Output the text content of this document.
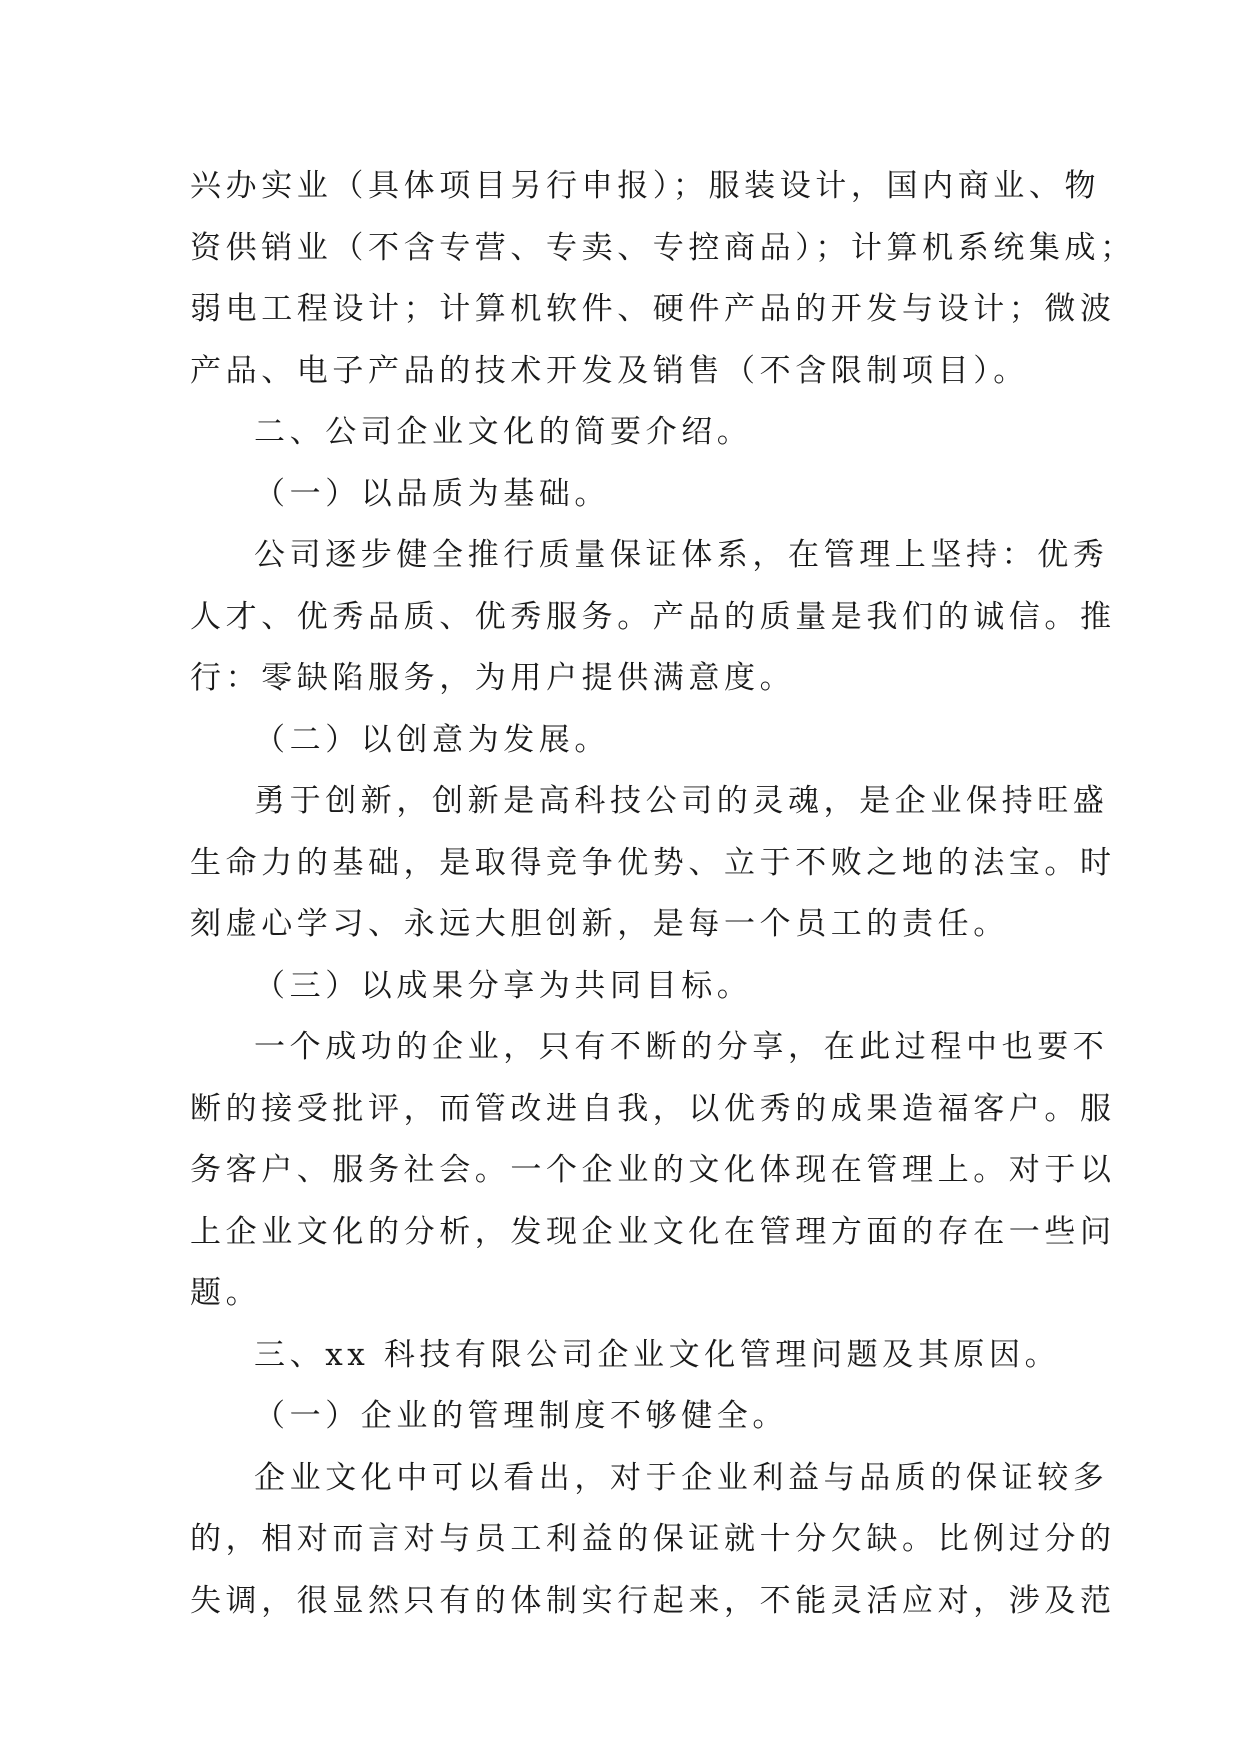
兴办实业（具体项目另行申报）；服装设计，国内商业、物
资供销业（不含专营、专卖、专控商品）；计算机系统集成；
弱电工程设计；计算机软件、硬件产品的开发与设计；微波
产品、电子产品的技术开发及销售（不含限制项目）。
二、公司企业文化的简要介绍。
（一）以品质为基础。
公司逐步健全推行质量保证体系，在管理上坚持：优秀
人才、优秀品质、优秀服务。产品的质量是我们的诚信。推
行：零缺陷服务，为用户提供满意度。
（二）以创意为发展。
勇于创新，创新是高科技公司的灵魂，是企业保持旺盛
生命力的基础，是取得竞争优势、立于不败之地的法宝。时
刻虚心学习、永远大胆创新，是每一个员工的责任。
（三）以成果分享为共同目标。
一个成功的企业，只有不断的分享，在此过程中也要不
断的接受批评，而管改进自我，以优秀的成果造福客户。服
务客户、服务社会。一个企业的文化体现在管理上。对于以
上企业文化的分析，发现企业文化在管理方面的存在一些问
题。
三、xx 科技有限公司企业文化管理问题及其原因。
（一）企业的管理制度不够健全。
企业文化中可以看出，对于企业利益与品质的保证较多
的，相对而言对与员工利益的保证就十分欠缺。比例过分的
失调，很显然只有的体制实行起来，不能灵活应对，涉及范
